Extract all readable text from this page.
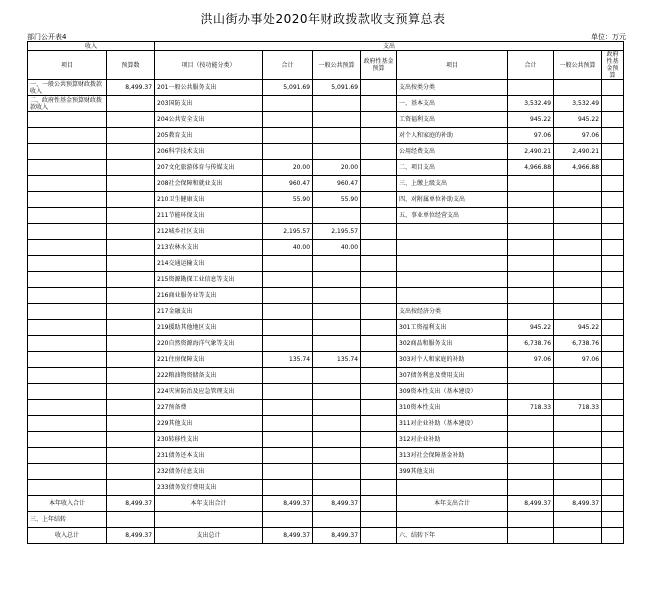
洪山街办事处2020年财政拨款收支预算总表
部门公开表4	单位：万元
收入		支出							
项目	预算数	项目（按功能分类）	合计	一般公共预算	政府性基金预算	项目	合计	一般公共预算	政府性基金预算
一、一般公共预算财政拨款收入	8,499.37	201一般公共服务支出	5,091.69	5,091.69		支出按类分类			
二、政府性基金预算财政拨款收入		203国防支出				一、基本支出	3,532.49	3,532.49	
		204公共安全支出				工资福利支出	945.22	945.22	
		205教育支出				对个人和家庭的补助	97.06	97.06	
		206科学技术支出				公用经费支出	2,490.21	2,490.21	
		207文化旅游体育与传媒支出	20.00	20.00		二、项目支出	4,966.88	4,966.88	
		208社会保障和就业支出	960.47	960.47		三、上缴上级支出			
		210卫生健康支出	55.90	55.90		四、对附属单位补助支出			
		211节能环保支出				五、事业单位经营支出			
		212城乡社区支出	2,195.57	2,195.57					
		213农林水支出	40.00	40.00					
		214交通运输支出							
		215资源勘探工业信息等支出							
		216商业服务业等支出							
		217金融支出				支出按经济分类			
		219援助其他地区支出				301工资福利支出	945.22	945.22	
		220自然资源海洋气象等支出				302商品和服务支出	6,738.76	6,738.76	
		221住房保障支出	135.74	135.74		303对个人和家庭的补助	97.06	97.06	
		222粮油物资储备支出				307债务利息及费用支出			
		224灾害防治及应急管理支出				309资本性支出（基本建设）			
		227预备费				310资本性支出	718.33	718.33	
		229其他支出				311对企业补助（基本建设）			
		230转移性支出				312对企业补助			
		231债务还本支出				313对社会保障基金补助			
		232债务付息支出				399其他支出			
		233债务发行费用支出							
本年收入合计	8,499.37	本年支出合计	8,499.37	8,499.37		本年支出合计	8,499.37	8,499.37	
三、上年结转									
收入总计	8,499.37	支出总计	8,499.37	8,499.37		六、结转下年			
